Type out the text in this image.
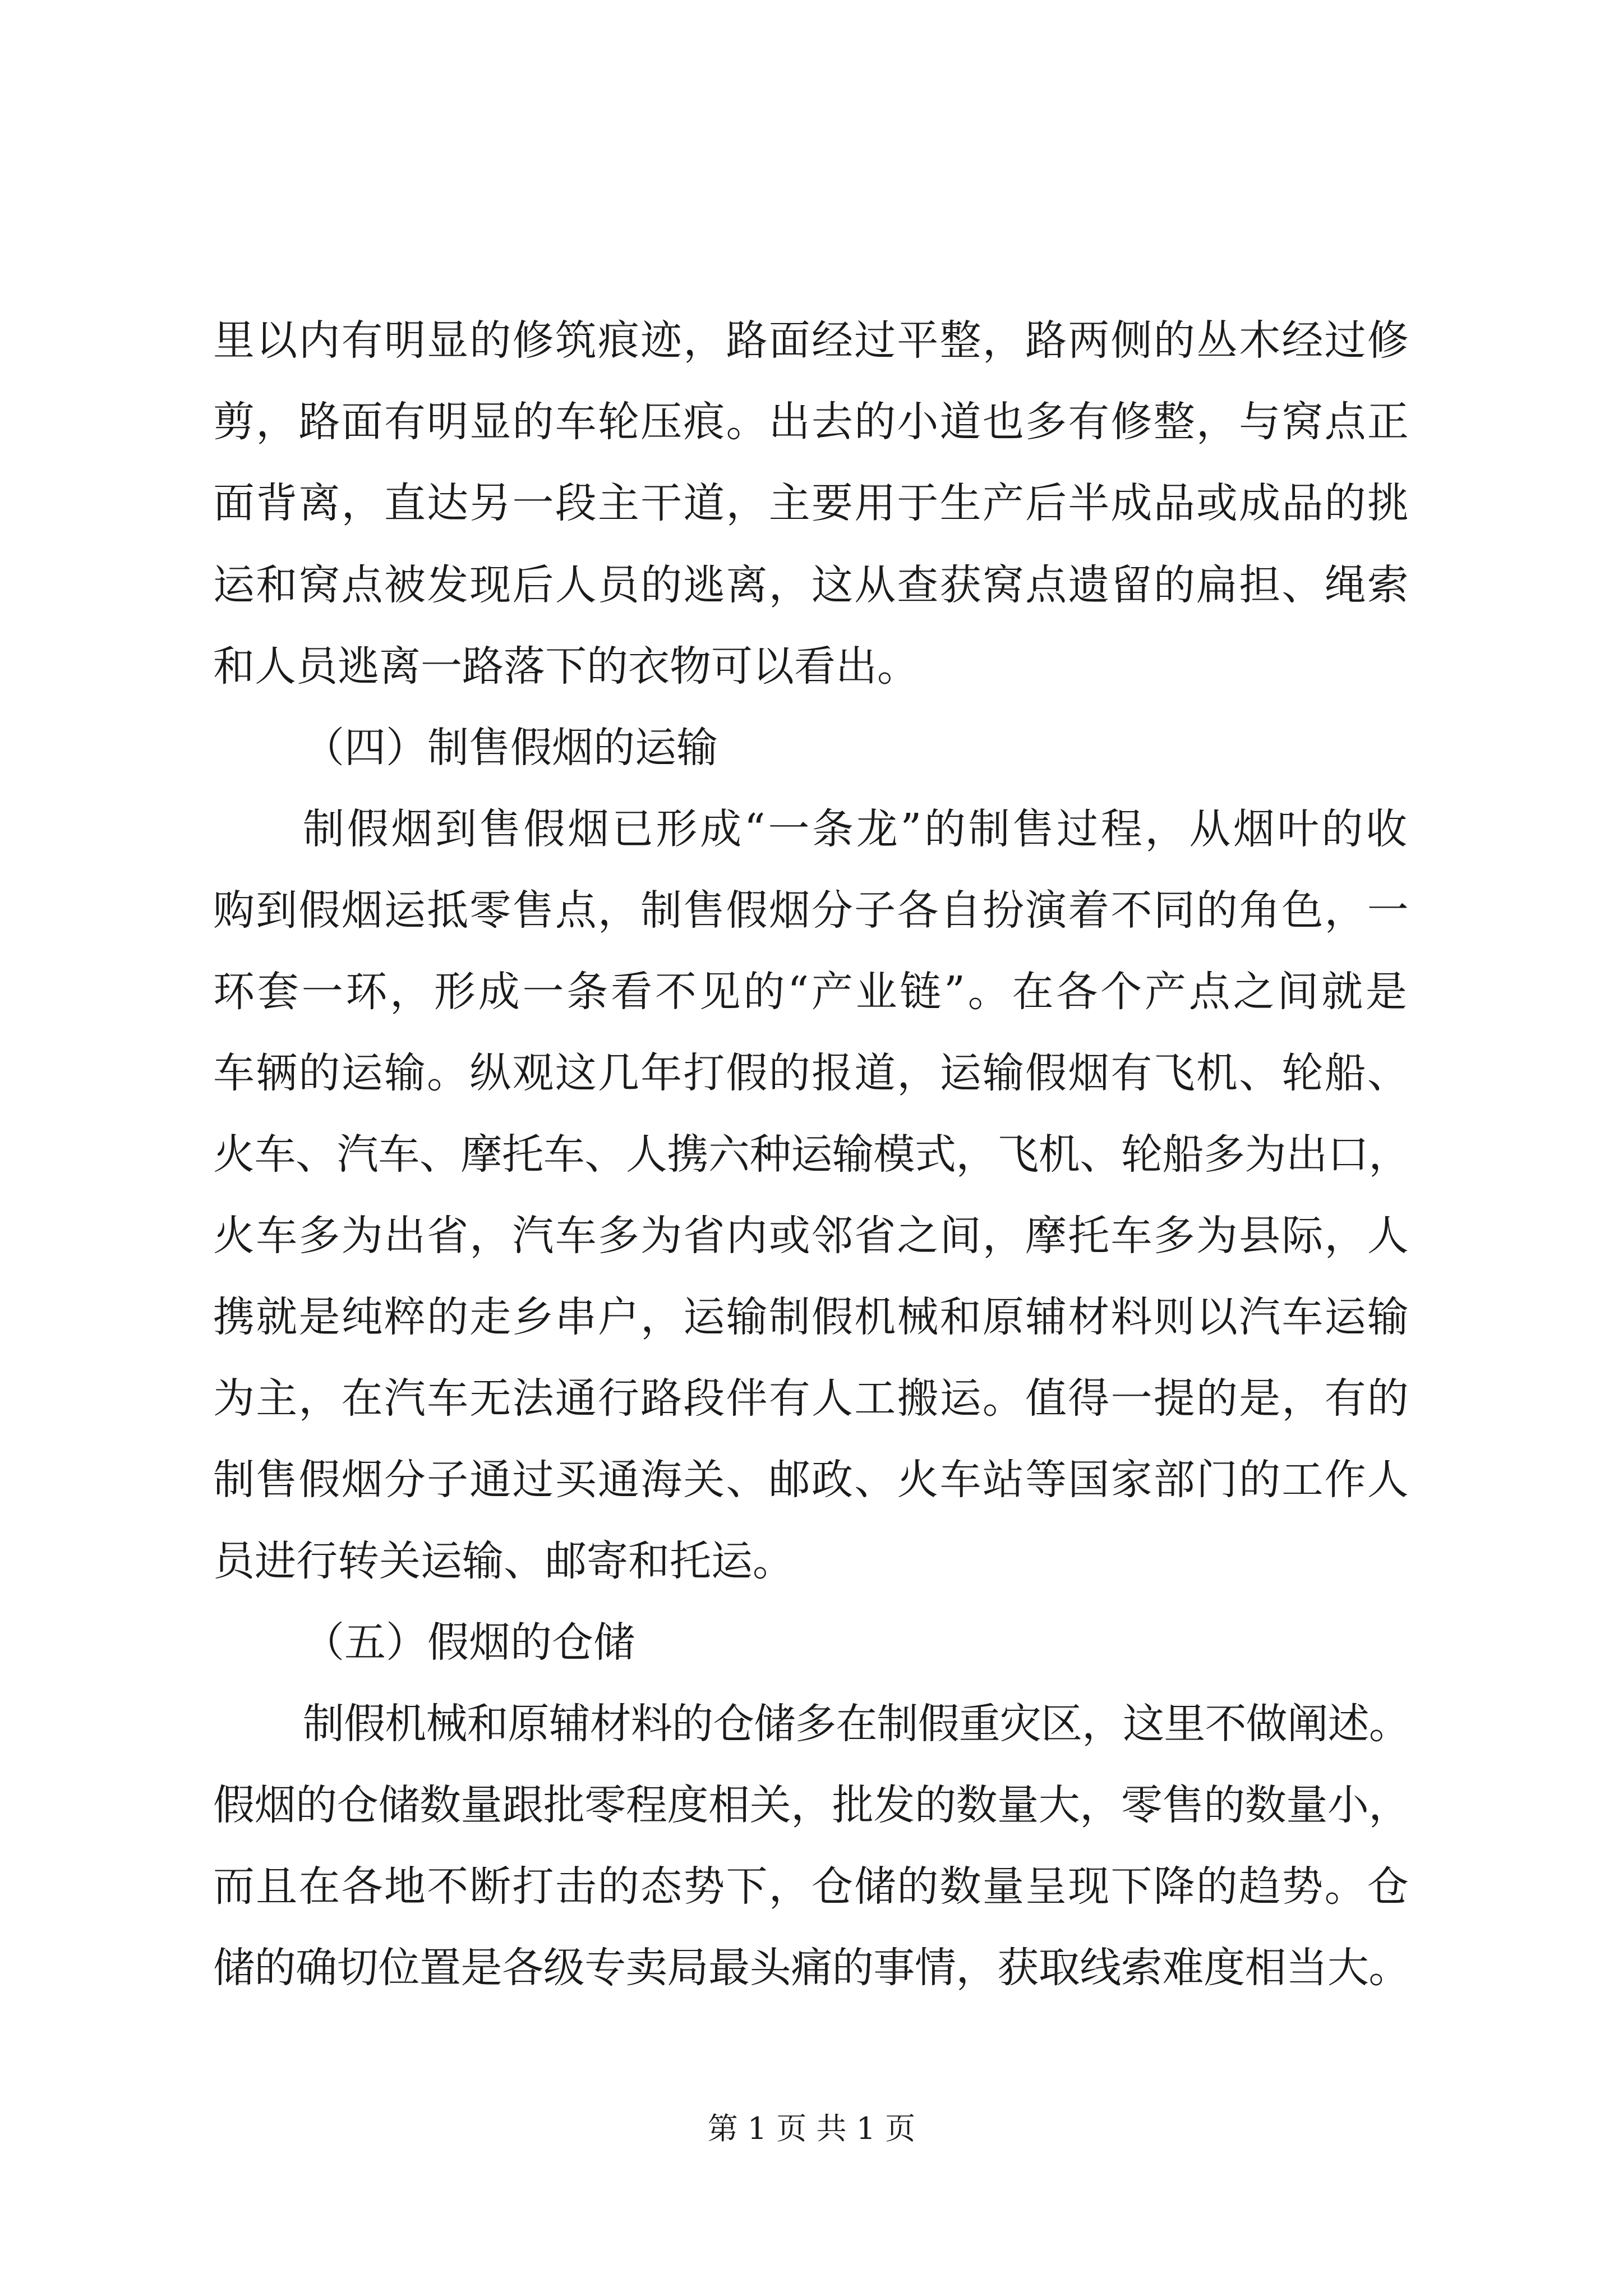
里以内有明显的修筑痕迹，路面经过平整，路两侧的丛木经过修
剪，路面有明显的车轮压痕。出去的小道也多有修整，与窝点正
面背离，直达另一段主干道，主要用于生产后半成品或成品的挑
运和窝点被发现后人员的逃离，这从查获窝点遗留的扁担、绳索
和人员逃离一路落下的衣物可以看出。
（四）制售假烟的运输
制假烟到售假烟已形成“一条龙”的制售过程，从烟叶的收
购到假烟运抵零售点，制售假烟分子各自扮演着不同的角色，一
环套一环，形成一条看不见的“产业链”。在各个产点之间就是
车辆的运输。纵观这几年打假的报道，运输假烟有飞机、轮船、
火车、汽车、摩托车、人携六种运输模式，飞机、轮船多为出口，
火车多为出省，汽车多为省内或邻省之间，摩托车多为县际，人
携就是纯粹的走乡串户，运输制假机械和原辅材料则以汽车运输
为主，在汽车无法通行路段伴有人工搬运。值得一提的是，有的
制售假烟分子通过买通海关、邮政、火车站等国家部门的工作人
员进行转关运输、邮寄和托运。
（五）假烟的仓储
制假机械和原辅材料的仓储多在制假重灾区，这里不做阐述。
假烟的仓储数量跟批零程度相关，批发的数量大，零售的数量小，
而且在各地不断打击的态势下，仓储的数量呈现下降的趋势。仓
储的确切位置是各级专卖局最头痛的事情，获取线索难度相当大。
第 1 页 共 1 页
